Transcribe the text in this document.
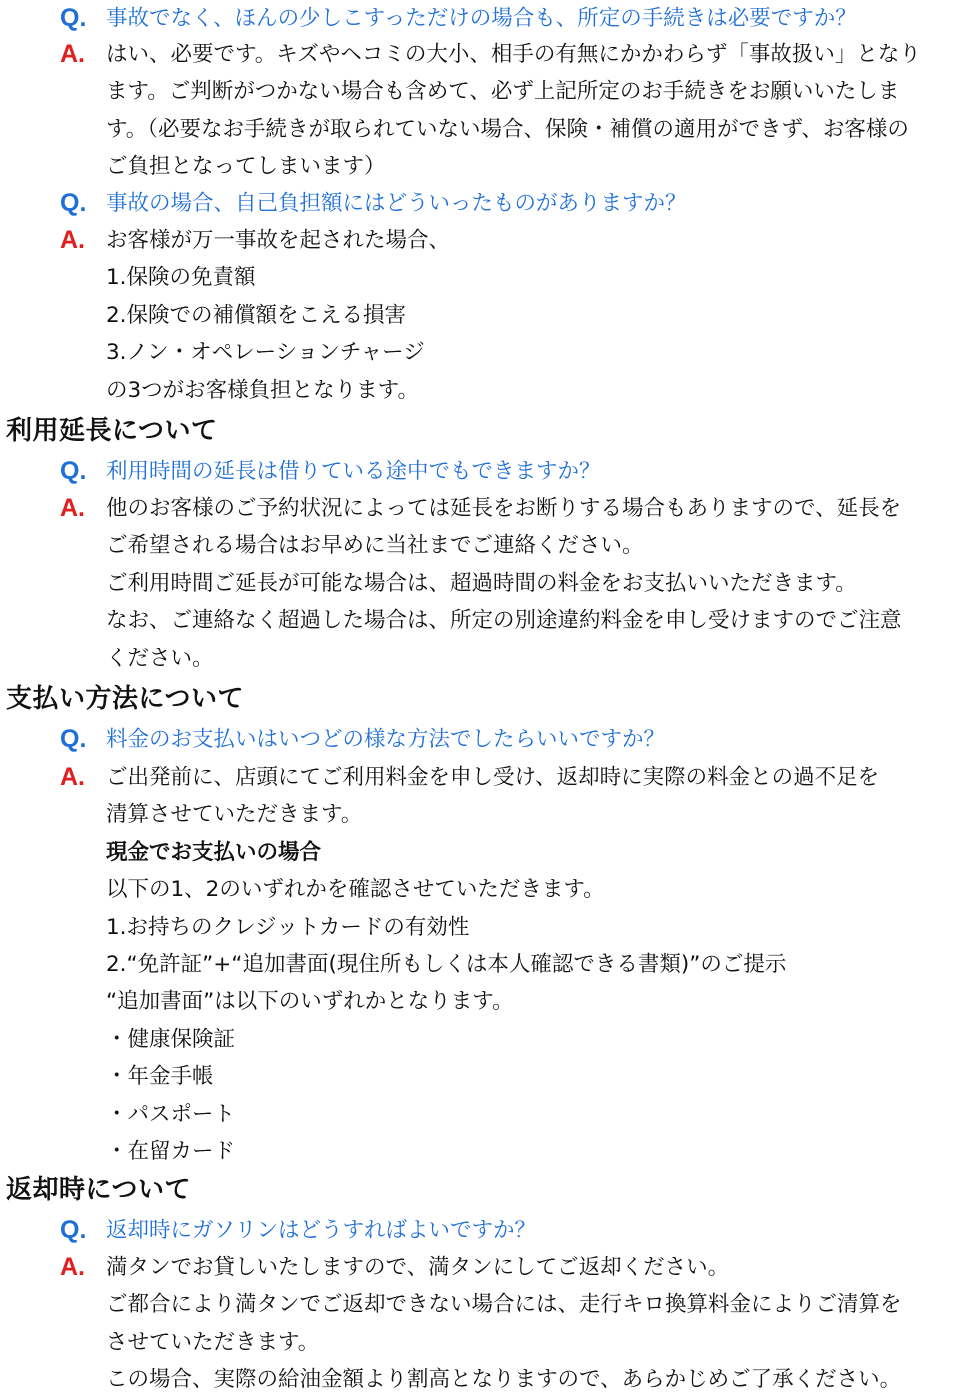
Q. 事故でなく、ほんの少しこすっただけの場合も、所定の手続きは必要ですか？
A. はい、必要です。キズやヘコミの大小、相手の有無にかかわらず「事故扱い」となり
ます。ご判断がつかない場合も含めて、必ず上記所定のお手続きをお願いいたしま
す。（必要なお手続きが取られていない場合、保険・補償の適用ができず、お客様の
ご負担となってしまいます）
Q. 事故の場合、自己負担額にはどういったものがありますか？
A. お客様が万一事故を起された場合、
1.保険の免責額
2.保険での補償額をこえる損害
3.ノン・オペレーションチャージ
の3つがお客様負担となります。
利用延長について
Q. 利用時間の延長は借りている途中でもできますか？
A. 他のお客様のご予約状況によっては延長をお断りする場合もありますので、延長を
ご希望される場合はお早めに当社までご連絡ください。
ご利用時間ご延長が可能な場合は、超過時間の料金をお支払いいただきます。
なお、ご連絡なく超過した場合は、所定の別途違約料金を申し受けますのでご注意
ください。
支払い方法について
Q. 料金のお支払いはいつどの様な方法でしたらいいですか？
A. ご出発前に、店頭にてご利用料金を申し受け、返却時に実際の料金との過不足を
清算させていただきます。
現金でお支払いの場合
以下の1、2のいずれかを確認させていただきます。
1.お持ちのクレジットカードの有効性
2.“免許証”+“追加書面(現住所もしくは本人確認できる書類)”のご提示
“追加書面”は以下のいずれかとなります。
・健康保険証
・年金手帳
・パスポート
・在留カード
返却時について
Q. 返却時にガソリンはどうすればよいですか？
A. 満タンでお貸しいたしますので、満タンにしてご返却ください。
ご都合により満タンでご返却できない場合には、走行キロ換算料金によりご清算を
させていただきます。
この場合、実際の給油金額より割高となりますので、あらかじめご了承ください。
